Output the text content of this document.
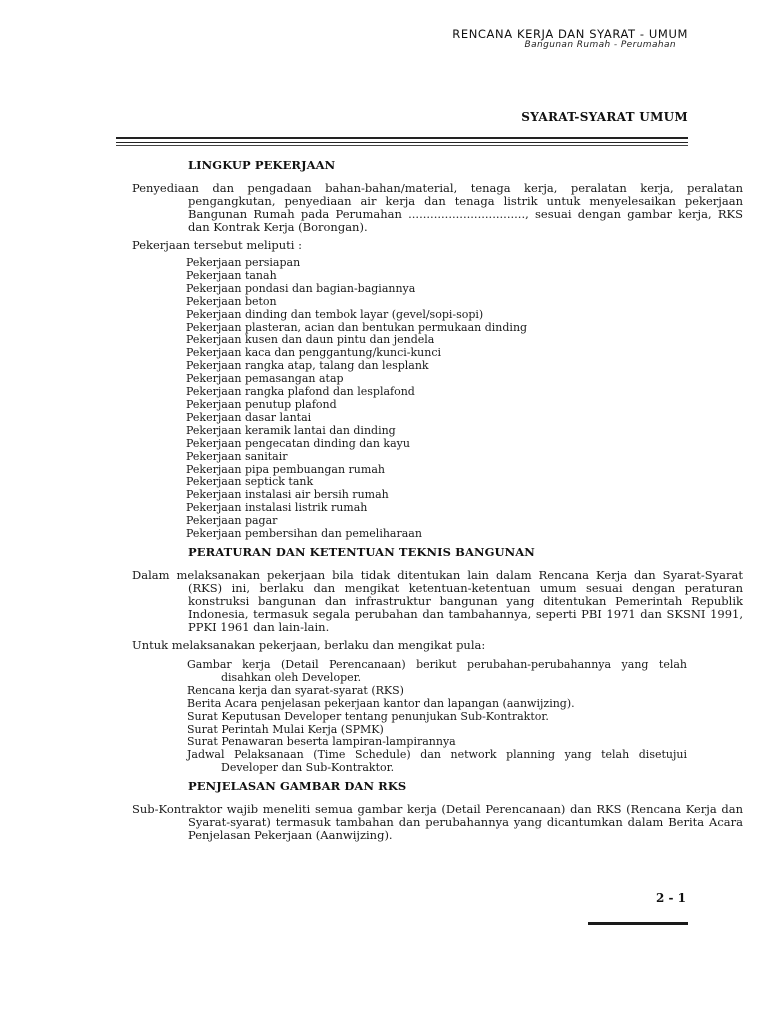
RENCANA KERJA DAN SYARAT - UMUM
Bangunan Rumah - Perumahan
SYARAT-SYARAT UMUM
LINGKUP PEKERJAAN
Penyediaan dan pengadaan bahan-bahan/material, tenaga kerja, peralatan kerja, peralatan pengangkutan, penyediaan air kerja dan tenaga listrik untuk menyelesaikan pekerjaan Bangunan Rumah pada Perumahan ................................, sesuai dengan gambar kerja, RKS dan Kontrak Kerja (Borongan).
Pekerjaan tersebut meliputi :
Pekerjaan persiapan
Pekerjaan tanah
Pekerjaan pondasi dan bagian-bagiannya
Pekerjaan beton
Pekerjaan dinding dan tembok layar (gevel/sopi-sopi)
Pekerjaan plasteran, acian dan bentukan permukaan dinding
Pekerjaan kusen dan daun pintu dan jendela
Pekerjaan kaca dan penggantung/kunci-kunci
Pekerjaan rangka atap, talang dan lesplank
Pekerjaan pemasangan atap
Pekerjaan rangka plafond dan lesplafond
Pekerjaan penutup plafond
Pekerjaan dasar lantai
Pekerjaan keramik lantai dan dinding
Pekerjaan pengecatan dinding dan kayu
Pekerjaan sanitair
Pekerjaan pipa pembuangan rumah
Pekerjaan septick tank
Pekerjaan instalasi air bersih rumah
Pekerjaan instalasi listrik rumah
Pekerjaan pagar
Pekerjaan pembersihan dan pemeliharaan
PERATURAN DAN KETENTUAN TEKNIS BANGUNAN
Dalam melaksanakan pekerjaan bila tidak ditentukan lain dalam Rencana Kerja dan Syarat-Syarat (RKS) ini, berlaku dan mengikat ketentuan-ketentuan umum sesuai dengan peraturan konstruksi bangunan dan infrastruktur bangunan yang ditentukan Pemerintah Republik Indonesia, termasuk segala perubahan dan tambahannya, seperti PBI 1971 dan SKSNI 1991, PPKI 1961 dan lain-lain.
Untuk melaksanakan pekerjaan, berlaku dan mengikat pula:
Gambar kerja (Detail Perencanaan) berikut perubahan-perubahannya yang telah disahkan oleh Developer.
Rencana kerja dan syarat-syarat (RKS)
Berita Acara penjelasan pekerjaan kantor dan lapangan (aanwijzing).
Surat Keputusan Developer tentang penunjukan Sub-Kontraktor.
Surat Perintah Mulai Kerja (SPMK)
Surat Penawaran beserta lampiran-lampirannya
Jadwal Pelaksanaan (Time Schedule) dan network planning yang telah disetujui Developer dan Sub-Kontraktor.
PENJELASAN GAMBAR DAN RKS
Sub-Kontraktor wajib meneliti semua gambar kerja (Detail Perencanaan) dan RKS (Rencana Kerja dan Syarat-syarat) termasuk tambahan dan perubahannya yang dicantumkan dalam Berita Acara Penjelasan Pekerjaan (Aanwijzing).
2 - 1
